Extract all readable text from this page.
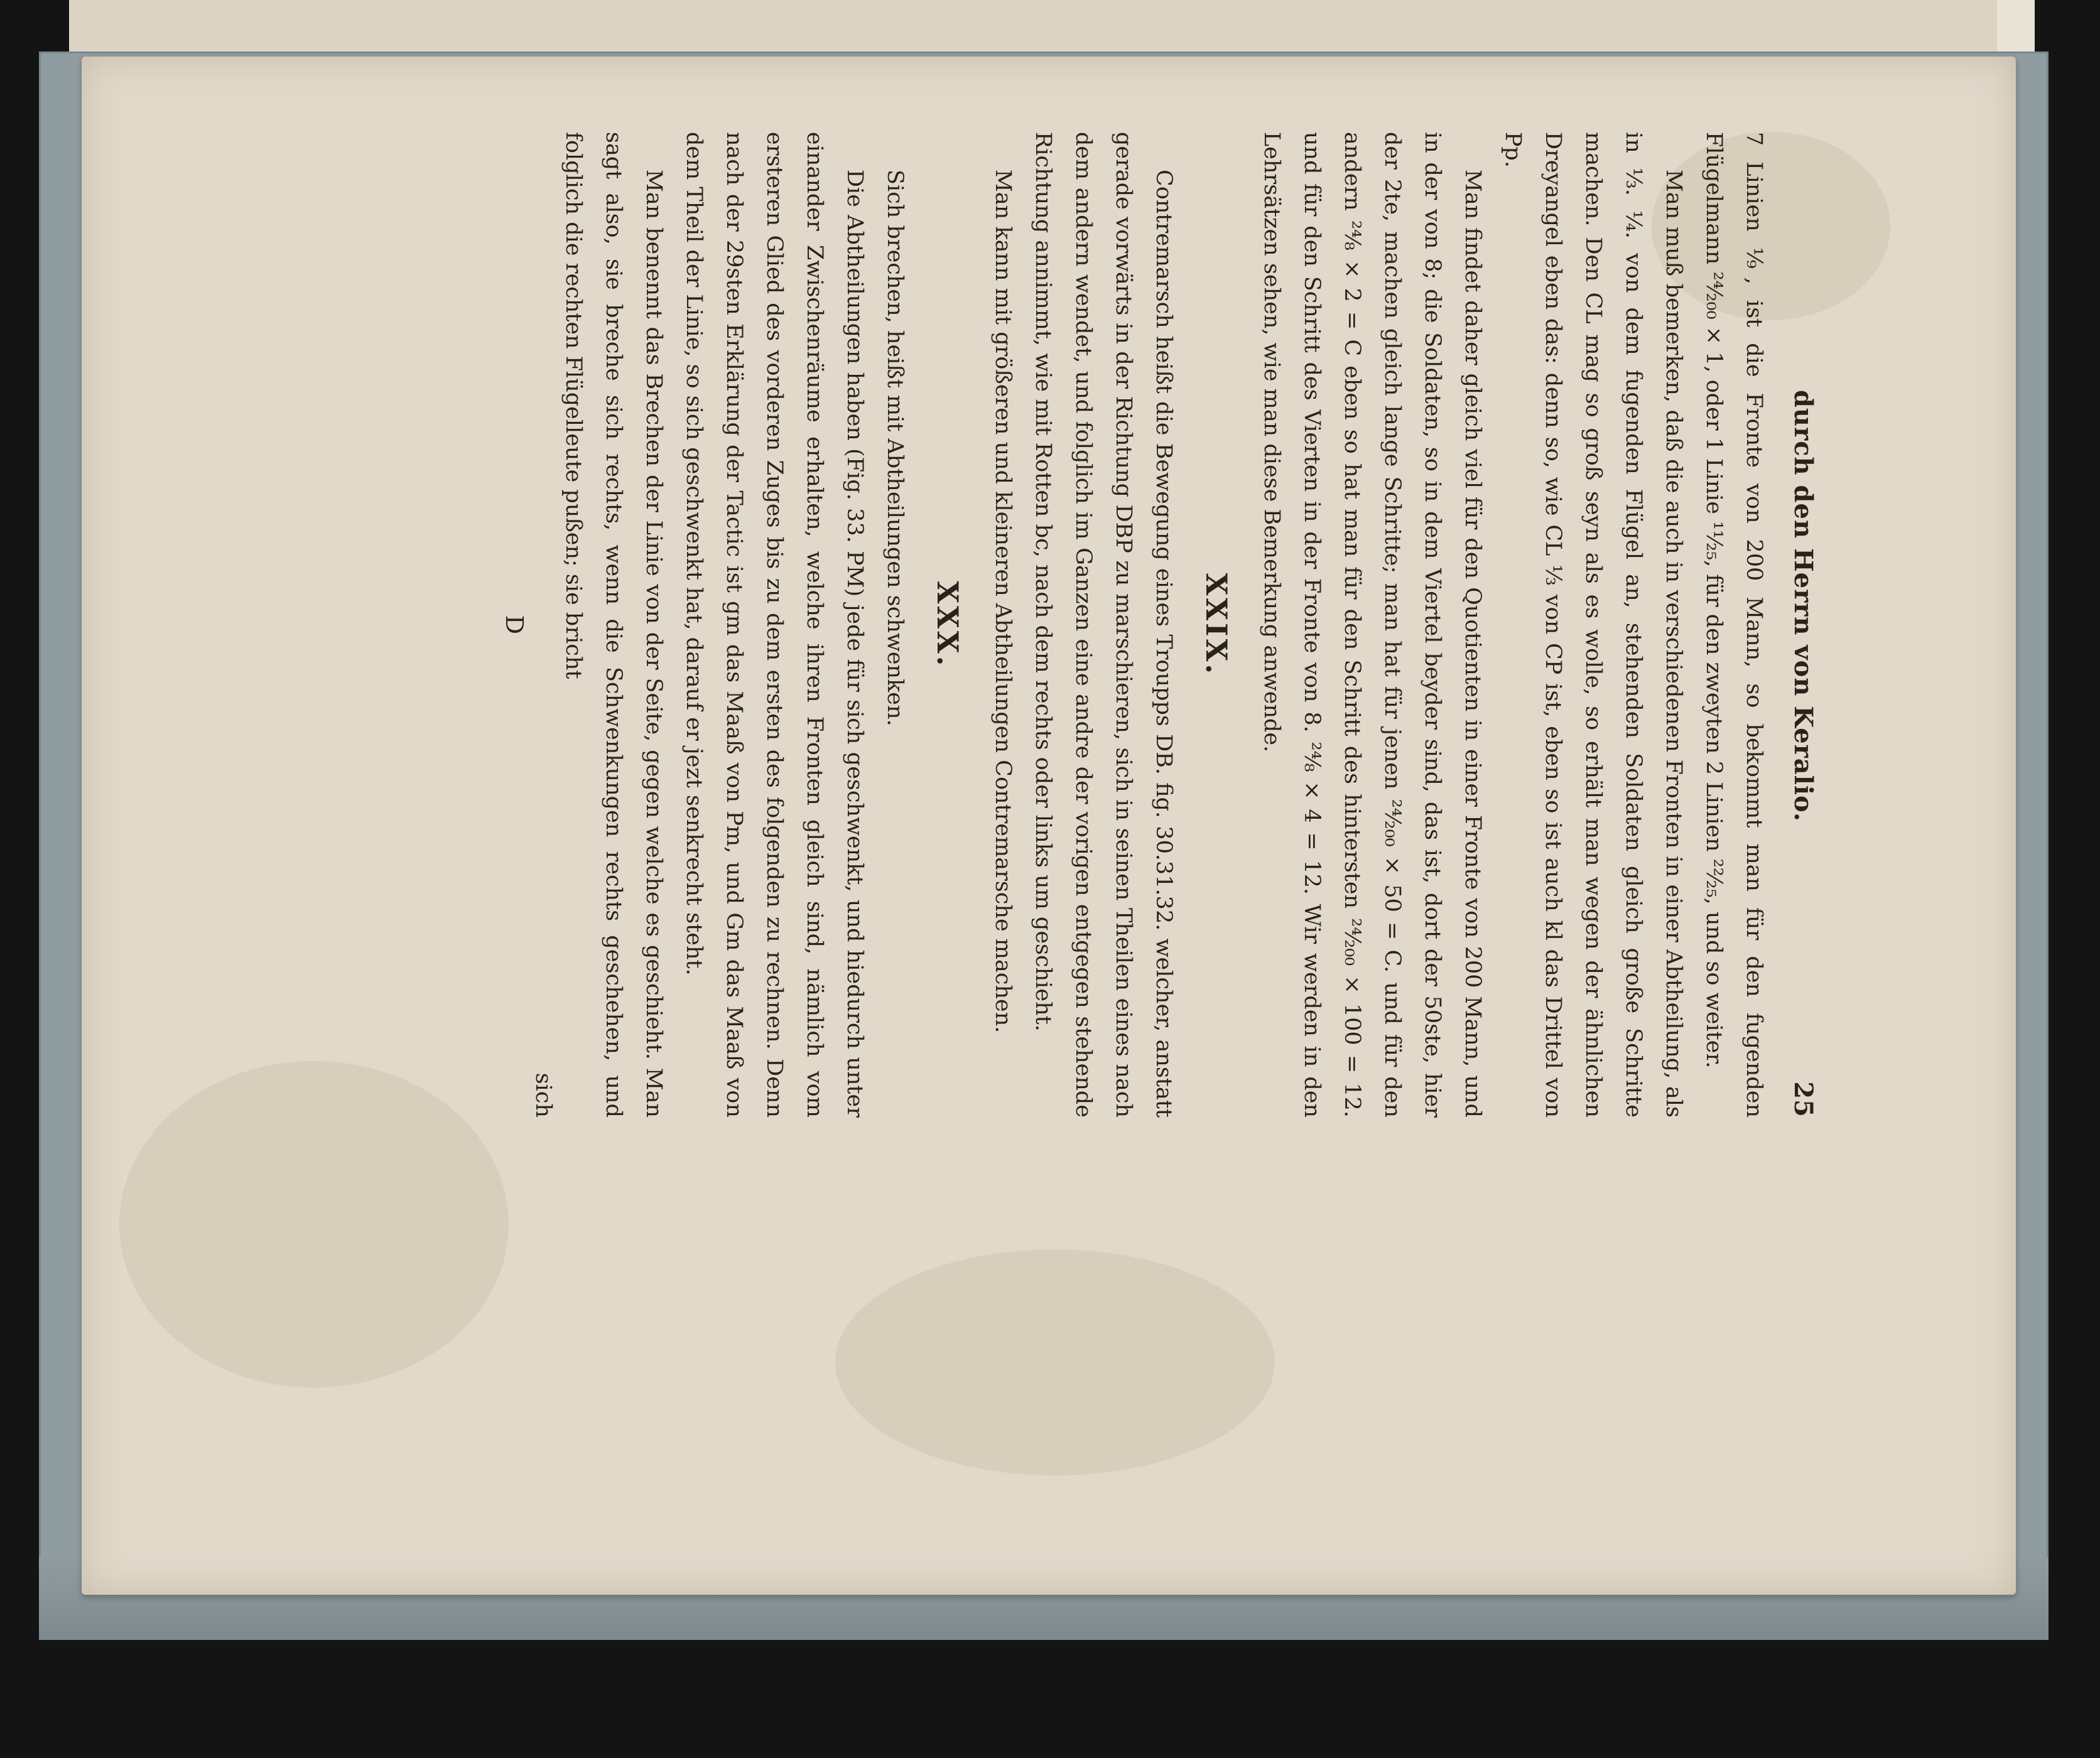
durch den Herrn von Keralio.
25

7 Linien ⅑, ist die Fronte von 200 Mann, so bekommt man für den fugenden Flügelmann ²⁴⁄₂₀₀ × 1, oder 1 Linie ¹¹⁄₂₅, für den zweyten 2 Linien ²²⁄₂₅, und so weiter.

Man muß bemerken, daß die auch in verschiedenen Fronten in einer Abtheilung, als in ⅓. ¼. von dem fugenden Flügel an, stehenden Soldaten gleich große Schritte machen. Den CL mag so groß seyn als es wolle, so erhält man wegen der ähnlichen Dreyangel eben das: denn so, wie CL ⅓ von CP ist, eben so ist auch kl das Drittel von Pp.

Man findet daher gleich viel für den Quotienten in einer Fronte von 200 Mann, und in der von 8; die Soldaten, so in dem Viertel beyder sind, das ist, dort der 50ste, hier der 2te, machen gleich lange Schritte; man hat für jenen ²⁴⁄₂₀₀ × 50 = C. und für den andern ²⁴⁄₈ × 2 = C eben so hat man für den Schritt des hintersten ²⁴⁄₂₀₀ × 100 = 12. und für den Schritt des Vierten in der Fronte von 8. ²⁴⁄₈ × 4 = 12. Wir werden in den Lehrsätzen sehen, wie man diese Bemerkung anwende.

XXIX.

Contremarsch heißt die Bewegung eines Troupps DB. fig. 30.31.32. welcher, anstatt gerade vorwärts in der Richtung DBP zu marschieren, sich in seinen Theilen eines nach dem andern wendet, und folglich im Ganzen eine andre der vorigen entgegen stehende Richtung annimmt, wie mit Rotten bc, nach dem rechts oder links um geschieht.

Man kann mit größeren und kleineren Abtheilungen Contremarsche machen.

XXX.

Sich brechen, heißt mit Abtheilungen schwenken.

Die Abtheilungen haben (Fig. 33. PM) jede für sich geschwenkt, und hiedurch unter einander Zwischenräume erhalten, welche ihren Fronten gleich sind, nämlich vom ersteren Glied des vorderen Zuges bis zu dem ersten des folgenden zu rechnen. Denn nach der 29sten Erklärung der Tactic ist gm das Maaß von Pm, und Gm das Maaß von dem Theil der Linie, so sich geschwenkt hat, darauf er jezt senkrecht steht.

Man benennt das Brechen der Linie von der Seite, gegen welche es geschieht. Man sagt also, sie breche sich rechts, wenn die Schwenkungen rechts geschehen, und folglich die rechten Flügelleute pußen; sie bricht

sich
D
